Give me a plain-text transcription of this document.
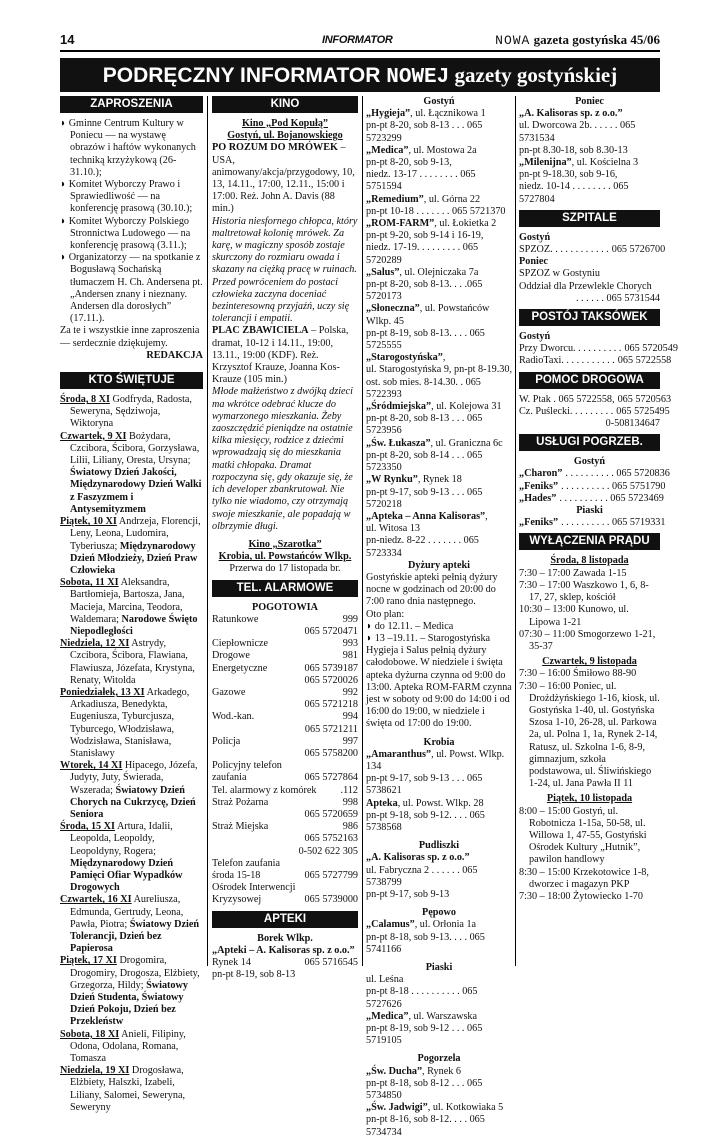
14	INFORMATOR	NOWA gazeta gostyńska 45/06
PODRĘCZNY INFORMATOR NOWEJ gazety gostyńskiej
ZAPROSZENIA

◗ Gminne Centrum Kultury w Poniecu — na wystawę obrazów i haftów wykonanych techniką krzyżykową (26-31.10.);

◗ Komitet Wyborczy Prawo i Sprawiedliwość — na konferencję prasową (30.10.);

◗ Komitet Wyborczy Polskiego Stronnictwa Ludowego — na konferencję prasową (3.11.);

◗ Organizatorzy — na spotkanie z Bogusławą Sochańską tłumaczem H. Ch. Andersena pt. „Andersen znany i nieznany. Andersen dla dorosłych” (17.11.).

Za te i wszystkie inne zaproszenia — serdecznie dziękujemy.

REDAKCJA

KTO ŚWIĘTUJE

Środa, 8 XI Godfryda, Radosta, Seweryna, Sędziwoja, Wiktoryna

Czwartek, 9 XI Bożydara, Czcibora, Ścibora, Gorzysława, Lilii, Liliany, Oresta, Ursyna; Światowy Dzień Jakości, Międzynarodowy Dzień Walki z Faszyzmem i Antysemityzmem

Piątek, 10 XI Andrzeja, Florencji, Leny, Leona, Ludomira, Tyberiusza; Międzynarodowy Dzień Młodzieży, Dzień Praw Człowieka

Sobota, 11 XI Aleksandra, Bartłomieja, Bartosza, Jana, Macieja, Marcina, Teodora, Waldemara; Narodowe Święto Niepodległości

Niedziela, 12 XI Astrydy, Czcibora, Ścibora, Flawiana, Flawiusza, Józefata, Krystyna, Renaty, Witolda

Poniedziałek, 13 XI Arkadego, Arkadiusza, Benedykta, Eugeniusza, Tyburcjusza, Tyburcego, Włodzisława, Wodzisława, Stanisława, Stanisławy

Wtorek, 14 XI Hipacego, Józefa, Judyty, Juty, Świerada, Wszerada; Światowy Dzień Chorych na Cukrzycę, Dzień Seniora

Środa, 15 XI Artura, Idalii, Leopolda, Leopoldy, Leopoldyny, Rogera; Międzynarodowy Dzień Pamięci Ofiar Wypadków Drogowych

Czwartek, 16 XI Aureliusza, Edmunda, Gertrudy, Leona, Pawła, Piotra; Światowy Dzień Tolerancji, Dzień bez Papierosa

Piątek, 17 XI Drogomira, Drogomiry, Drogosza, Elżbiety, Grzegorza, Hildy; Światowy Dzień Studenta, Światowy Dzień Pokoju, Dzień bez Przekleństw

Sobota, 18 XI Anieli, Filipiny, Odona, Odolana, Romana, Tomasza

Niedziela, 19 XI Drogosława, Elżbiety, Halszki, Izabeli, Liliany, Salomei, Seweryna, Seweryny

KINO

Kino „Pod Kopułą”

Gostyń, ul. Bojanowskiego

PO ROZUM DO MRÓWEK – USA, animowany/akcja/przygodowy, 10, 13, 14.11., 17:00, 12.11., 15:00 i 17:00. Reż. John A. Davis (88 min.)

Historia niesfornego chłopca, który maltretował kolonię mrówek. Za karę, w magiczny sposób zostaje skurczony do rozmiaru owada i skazany na ciężką pracę w ruinach. Przed powróceniem do postaci człowieka zaczyna doceniać bezinteresowną przyjaźń, uczy się tolerancji i empatii.

PLAC ZBAWICIELA – Polska, dramat, 10-12 i 14.11., 19:00, 13.11., 19:00 (KDF). Reż. Krzysztof Krauze, Joanna Kos-Krauze (105 min.)

Młode małżeństwo z dwójką dzieci ma wkrótce odebrać klucze do wymarzonego mieszkania. Żeby zaoszczędzić pieniądze na ostatnie kilka miesięcy, rodzice z dziećmi wprowadzają się do mieszkania matki chłopaka. Dramat rozpoczyna się, gdy okazuje się, że ich developer zbankrutował. Nie tylko nie wiadomo, czy otrzymają swoje mieszkanie, ale popadają w olbrzymie długi.

Kino „Szarotka”

Krobia, ul. Powstańców Wlkp.

Przerwa do 17 listopada br.

TEL. ALARMOWE

POGOTOWIA

Ratunkowe	999
065 5720471
Ciepłownicze	993
Drogowe	981
Energetyczne	065 5739187
065 5720026
Gazowe	992
065 5721218
Wod.-kan.	994
065 5721211
Policja	997
065 5758200
Policyjny telefon
zaufania	065 5727864
Tel. alarmowy z komórek .112
Straż Pożarna	998
065 5720659
Straż Miejska	986
065 5752163
0-502 622 305
Telefon zaufania
środa 15-18	065 5727799
Ośrodek Interwencji
Kryzysowej	065 5739000
APTEKI

Borek Wlkp.

„Apteki – A. Kalisoras sp. z o.o.”

Rynek 14	065 5716545

pn-pt 8-19, sob 8-13

Gostyń

„Hygieja”, ul. Łącznikowa 1

pn-pt 8-20, sob 8-13 . . . 065 5723299

„Medica”, ul. Mostowa 2a

pn-pt 8-20, sob 9-13,

niedz. 13-17 . . . . . . . . 065 5751594

„Remedium”, ul. Górna 22

pn-pt 10-18 . . . . . . . 065 5721370

„ROM-FARM”, ul. Łokietka 2

pn-pt 9-20, sob 9-14 i 16-19,

niedz. 17-19. . . . . . . . . 065 5720289

„Salus”, ul. Olejniczaka 7a

pn-pt 8-20, sob 8-13. . . .065 5720173

„Słoneczna”, ul. Powstańców Wlkp. 45

pn-pt 8-19, sob 8-13. . . . 065 5725555

„Starogostyńska”,

ul. Starogostyńska 9, pn-pt 8-19.30,

ost. sob mies. 8-14.30. . 065 5722393

„Śródmiejska”, ul. Kolejowa 31

pn-pt 8-20, sob 8-13 . . . 065 5723956

„Św. Łukasza”, ul. Graniczna 6c

pn-pt 8-20, sob 8-14 . . . 065 5723350

„W Rynku”, Rynek 18

pn-pt 9-17, sob 9-13 . . . 065 5720218

„Apteka – Anna Kalisoras”,

ul. Witosa 13

pn-niedz. 8-22 . . . . . . . 065 5723334

Dyżury apteki

Gostyńskie apteki pełnią dyżury nocne w godzinach od 20:00 do 7:00 rano dnia następnego.

Oto plan:

◗ do 12.11. – Medica

◗ 13 –19.11. – Starogostyńska

Hygieja i Salus pełnią dyżury całodobowe. W niedziele i święta apteka dyżurna czynna od 9:00 do 13:00. Apteka ROM-FARM czynna jest w soboty od 9:00 do 14:00 i od 16:00 do 19:00, w niedziele i święta od 17:00 do 19:00.

Krobia

„Amaranthus”, ul. Powst. Wlkp. 134

pn-pt 9-17, sob 9-13 . . . 065 5738621

Apteka, ul. Powst. Wlkp. 28

pn-pt 9-18, sob 9-12. . . . 065 5738568

Pudliszki

„A. Kalisoras sp. z o.o.”

ul. Fabryczna 2 . . . . . . 065 5738799

pn-pt 9-17, sob 9-13

Pępowo

„Calamus”, ul. Orłonia 1a

pn-pt 8-18, sob 9-13. . . . 065 5741166

Piaski

ul. Leśna

pn-pt 8-18 . . . . . . . . . . 065 5727626

„Medica”, ul. Warszawska

pn-pt 8-19, sob 9-12 . . . 065 5719105

Pogorzela

„Św. Ducha”, Rynek 6

pn-pt 8-18, sob 8-12 . . . 065 5734850

„Św. Jadwigi”, ul. Kotkowiaka 5

pn-pt 8-16, sob 8-12. . . . 065 5734734

Poniec

„A. Kalisoras sp. z o.o.”

ul. Dworcowa 2b. . . . . . 065 5731534

pn-pt 8.30-18, sob 8.30-13

„Milenijna”, ul. Kościelna 3

pn-pt 9-18.30, sob 9-16,

niedz. 10-14 . . . . . . . . 065 5727804

SZPITALE

Gostyń

SPZOZ. . . . . . . . . . . . 065 5726700

Poniec

SPZOZ w Gostyniu

Oddział dla Przewlekle Chorych

. . . . . . 065 5731544

POSTÓJ TAKSÓWEK

Gostyń

Przy Dworcu. . . . . . . . . . 065 5720549
RadioTaxi. . . . . . . . . . . 065 5722558
POMOC DROGOWA
W. Ptak . 065 5722558, 065 5720563
Cz. Puślecki. . . . . . . . . 065 5725495
0-508134647
USŁUGI POGRZEB.

Gostyń

„Charon” . . . . . . . . . . 065 5720836
„Feniks” . . . . . . . . . . 065 5751790
„Hades” . . . . . . . . . . 065 5723469

Piaski

„Feniks” . . . . . . . . . . 065 5719331
WYŁĄCZENIA PRĄDU

Środa, 8 listopada

7:30 – 17:00 Zawada 1-15

7:30 – 17:00 Waszkowo 1, 6, 8-17, 27, sklep, kościół

10:30 – 13:00 Kunowo, ul. Lipowa 1-21

07:30 – 11:00 Smogorzewo 1-21, 35-37

Czwartek, 9 listopada

7:30 – 16:00 Śmiłowo 88-90

7:30 – 16:00 Poniec, ul. Drożdżyńskiego 1-16, kiosk, ul. Gostyńska 1-40, ul. Gostyńska Szosa 1-10, 26-28, ul. Parkowa 2a, ul. Polna 1, 1a, Rynek 2-14, Ratusz, ul. Szkolna 1-6, 8-9, gimnazjum, szkoła podstawowa, ul. Śliwińskiego 1-24, ul. Jana Pawła II 11

Piątek, 10 listopada

8:00 – 15:00 Gostyń, ul. Robotnicza 1-15a, 50-58, ul. Willowa 1, 47-55, Gostyński Ośrodek Kultury „Hutnik”, pawilon handlowy

8:30 – 15:00 Krzekotowice 1-8, dworzec i magazyn PKP

7:30 – 18:00 Żytowiecko 1-70
